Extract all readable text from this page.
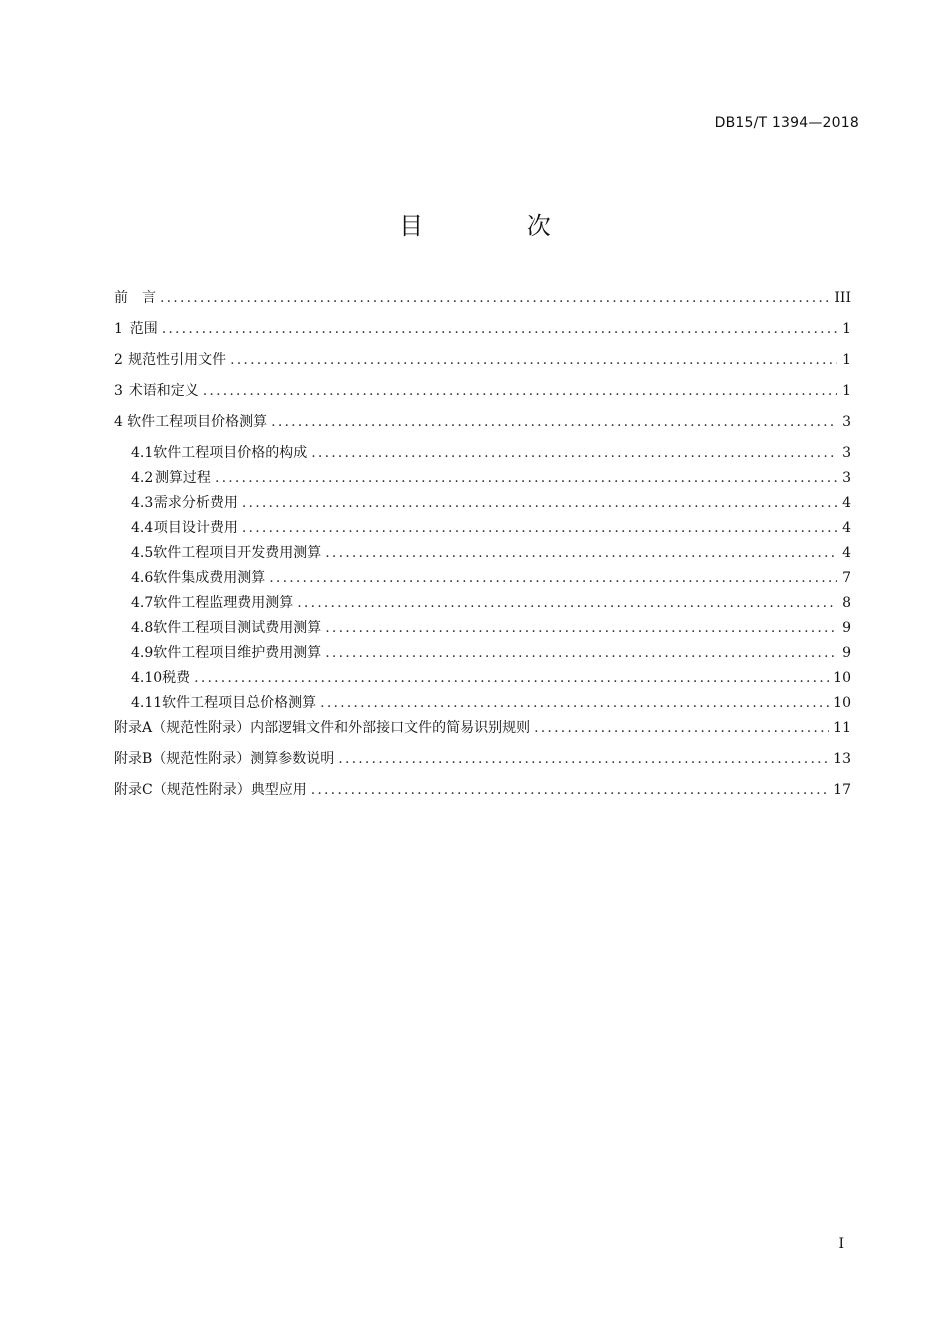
DB15/T 1394—2018
目 次
前　言 .....	III
1 范围 .....	1
2 规范性引用文件 .....	1
3 术语和定义 .....	1
4 软件工程项目价格测算 .....	3
4.1 软件工程项目价格的构成 .....	3
4.2 测算过程 .....	3
4.3 需求分析费用 .....	4
4.4 项目设计费用 .....	4
4.5 软件工程项目开发费用测算 .....	4
4.6 软件集成费用测算 .....	7
4.7 软件工程监理费用测算 .....	8
4.8 软件工程项目测试费用测算 .....	9
4.9 软件工程项目维护费用测算 .....	9
4.10 税费 .....	10
4.11 软件工程项目总价格测算 .....	10
附录A（规范性附录） 内部逻辑文件和外部接口文件的简易识别规则 .....	11
附录B（规范性附录） 测算参数说明 .....	13
附录C（规范性附录） 典型应用 .....	17
I
